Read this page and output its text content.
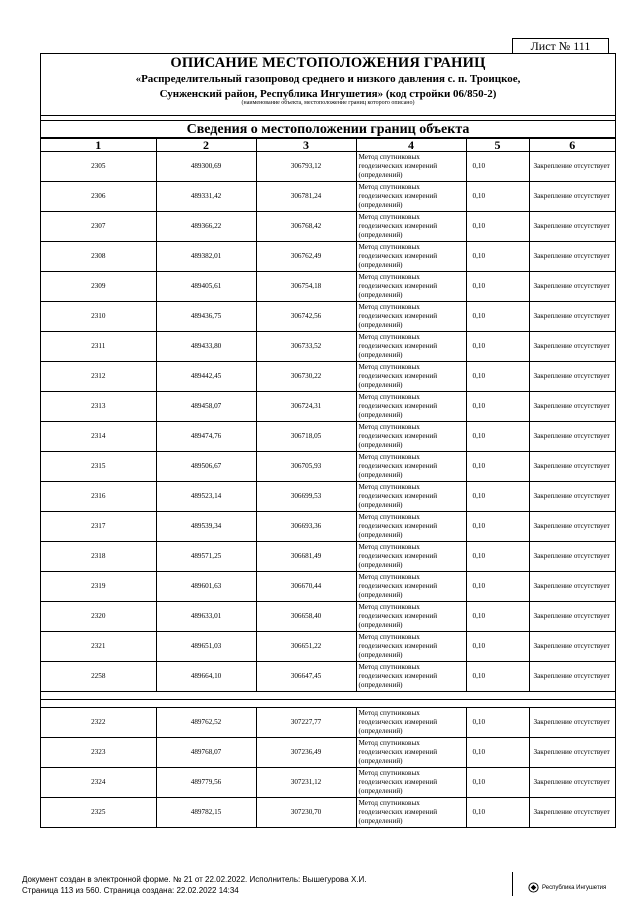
Лист № 111
ОПИСАНИЕ МЕСТОПОЛОЖЕНИЯ ГРАНИЦ
«Распределительный газопровод среднего и низкого давления с. п. Троицкое,
Сунженский район, Республика Ингушетия» (код стройки 06/850-2)
(наименование объекта, местоположение границ которого описано)
Сведения о местоположении границ объекта
1	2	3	4	5	6
2305	489300,69	306793,12	Метод спутниковых геодезических измерений (определений)	0,10	Закрепление отсутствует
2306	489331,42	306781,24	Метод спутниковых геодезических измерений (определений)	0,10	Закрепление отсутствует
2307	489366,22	306768,42	Метод спутниковых геодезических измерений (определений)	0,10	Закрепление отсутствует
2308	489382,01	306762,49	Метод спутниковых геодезических измерений (определений)	0,10	Закрепление отсутствует
2309	489405,61	306754,18	Метод спутниковых геодезических измерений (определений)	0,10	Закрепление отсутствует
2310	489436,75	306742,56	Метод спутниковых геодезических измерений (определений)	0,10	Закрепление отсутствует
2311	489433,80	306733,52	Метод спутниковых геодезических измерений (определений)	0,10	Закрепление отсутствует
2312	489442,45	306730,22	Метод спутниковых геодезических измерений (определений)	0,10	Закрепление отсутствует
2313	489458,07	306724,31	Метод спутниковых геодезических измерений (определений)	0,10	Закрепление отсутствует
2314	489474,76	306718,05	Метод спутниковых геодезических измерений (определений)	0,10	Закрепление отсутствует
2315	489506,67	306705,93	Метод спутниковых геодезических измерений (определений)	0,10	Закрепление отсутствует
2316	489523,14	306699,53	Метод спутниковых геодезических измерений (определений)	0,10	Закрепление отсутствует
2317	489539,34	306693,36	Метод спутниковых геодезических измерений (определений)	0,10	Закрепление отсутствует
2318	489571,25	306681,49	Метод спутниковых геодезических измерений (определений)	0,10	Закрепление отсутствует
2319	489601,63	306670,44	Метод спутниковых геодезических измерений (определений)	0,10	Закрепление отсутствует
2320	489633,01	306658,40	Метод спутниковых геодезических измерений (определений)	0,10	Закрепление отсутствует
2321	489651,03	306651,22	Метод спутниковых геодезических измерений (определений)	0,10	Закрепление отсутствует
2258	489664,10	306647,45	Метод спутниковых геодезических измерений (определений)	0,10	Закрепление отсутствует

2322	489762,52	307227,77	Метод спутниковых геодезических измерений (определений)	0,10	Закрепление отсутствует
2323	489768,07	307236,49	Метод спутниковых геодезических измерений (определений)	0,10	Закрепление отсутствует
2324	489779,56	307231,12	Метод спутниковых геодезических измерений (определений)	0,10	Закрепление отсутствует
2325	489782,15	307230,70	Метод спутниковых геодезических измерений (определений)	0,10	Закрепление отсутствует
Документ создан в электронной форме. № 21 от 22.02.2022. Исполнитель: Вышегурова Х.И.
Страница 113 из 560. Страница создана: 22.02.2022 14:34	Республика Ингушетия
